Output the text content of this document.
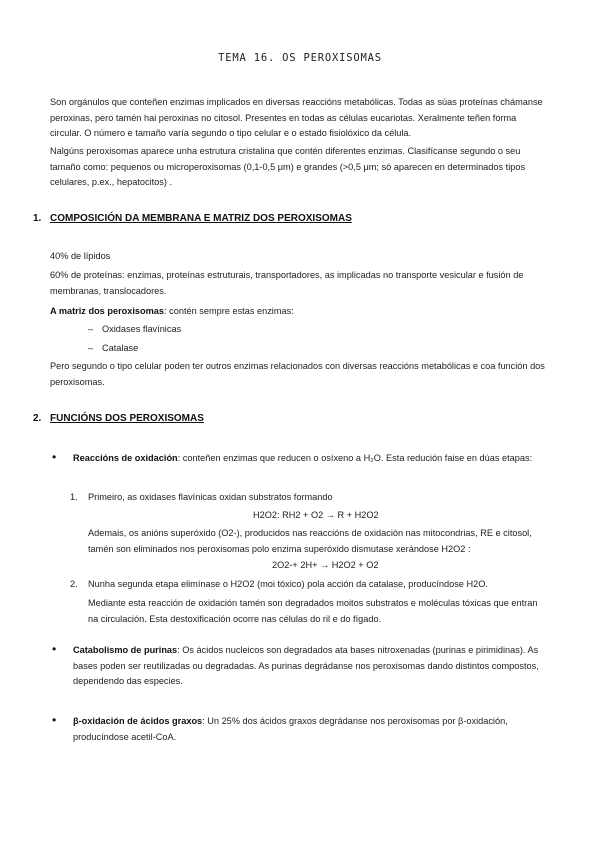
TEMA 16. OS PEROXISOMAS
Son orgánulos que conteñen enzimas implicados en diversas reaccións metabólicas. Todas as súas proteínas chámanse peroxinas, pero tamén hai peroxinas no citosol. Presentes en todas as células eucariotas. Xeralmente teñen forma circular. O número e tamaño varía segundo o tipo celular e o estado fisiolóxico da célula.
Nalgúns peroxisomas aparece unha estrutura cristalina que contén diferentes enzimas. Clasifícanse segundo o seu tamaño como: pequenos ou microperoxisomas (0,1-0,5 μm) e grandes (>0,5 μm; só aparecen en determinados tipos celulares, p.ex., hepatocitos) .
1. COMPOSICIÓN DA MEMBRANA E MATRIZ DOS PEROXISOMAS
40% de lípidos
60% de proteínas: enzimas, proteínas estruturais, transportadores, as implicadas no transporte vesicular e fusión de membranas, translocadores.
A matriz dos peroxisomas: contén sempre estas enzimas:
– Oxidases flavínicas
– Catalase
Pero segundo o tipo celular poden ter outros enzimas relacionados con diversas reaccións metabólicas e coa función dos peroxisomas.
2. FUNCIÓNS DOS PEROXISOMAS
• Reaccións de oxidación: conteñen enzimas que reducen o osíxeno a H₂O. Esta redución faise en dúas etapas:
1. Primeiro, as oxidases flavínicas oxidan substratos formando
H2O2: RH2 + O2 → R + H2O2
Ademais, os anións superóxido (O2-), producidos nas reaccións de oxidación nas mitocondrias, RE e citosol, tamén son eliminados nos peroxisomas polo enzima superóxido dismutase xerándose H2O2 :
2O2-+ 2H+ → H2O2 + O2
2. Nunha segunda etapa elimínase o H2O2 (moi tóxico) pola acción da catalase, producíndose H2O.
Mediante esta reacción de oxidación tamén son degradados moitos substratos e moléculas tóxicas que entran na circulación. Esta destoxificación ocorre nas células do ril e do fígado.
• Catabolismo de purinas: Os ácidos nucleicos son degradados ata bases nitroxenadas (purinas e pirimidinas). As bases poden ser reutilizadas ou degradadas. As purinas degrádanse nos peroxisomas dando distintos compostos, dependendo das especies.
• β-oxidación de ácidos graxos: Un 25% dos ácidos graxos degrádanse nos peroxisomas por β-oxidación, producíndose acetil-CoA.
